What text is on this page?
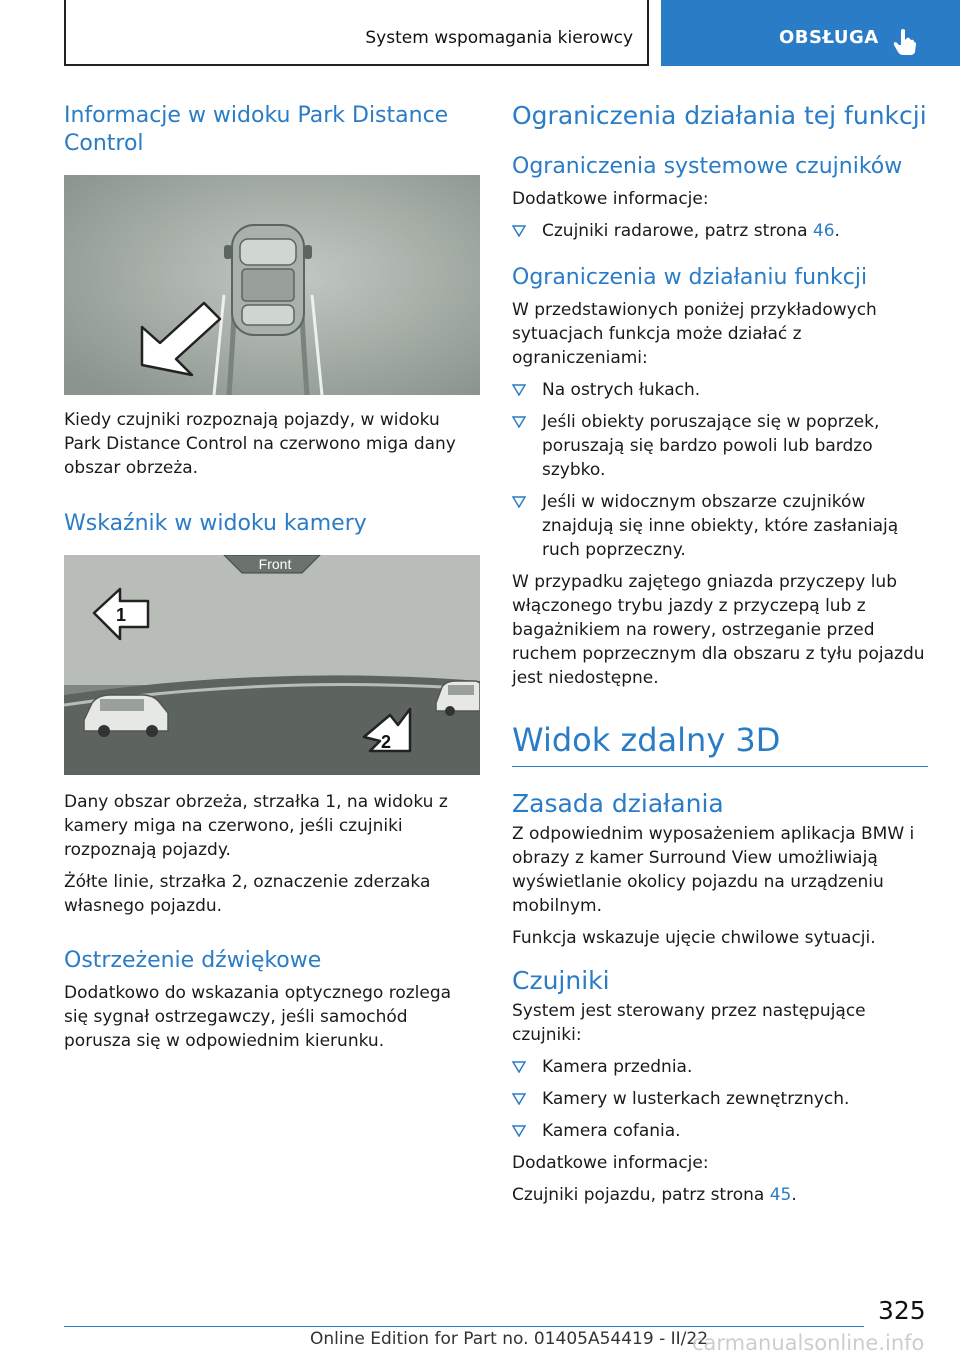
System wspomagania kierowcy	OBSŁUGA
Informacje w widoku Park Distance Control

Kiedy czujniki rozpoznają pojazdy, w widoku Park Distance Control na czerwono miga dany obszar obrzeża.

Wskaźnik w widoku kamery
Front
1
2

Dany obszar obrzeża, strzałka 1, na widoku z kamery miga na czerwono, jeśli czujniki rozpoznają pojazdy.

Żółte linie, strzałka 2, oznaczenie zderzaka własnego pojazdu.

Ostrzeżenie dźwiękowe

Dodatkowo do wskazania optycznego rozlega się sygnał ostrzegawczy, jeśli samochód porusza się w odpowiednim kierunku.

Ograniczenia działania tej funkcji
Ograniczenia systemowe czujników

Dodatkowe informacje:

Czujniki radarowe, patrz strona 46.
Ograniczenia w działaniu funkcji

W przedstawionych poniżej przykładowych sytuacjach funkcja może działać z ograniczeniami:

Na ostrych łukach.
Jeśli obiekty poruszające się w poprzek, poruszają się bardzo powoli lub bardzo szybko.
Jeśli w widocznym obszarze czujników znajdują się inne obiekty, które zasłaniają ruch poprzeczny.

W przypadku zajętego gniazda przyczepy lub włączonego trybu jazdy z przyczepą lub z bagażnikiem na rowery, ostrzeganie przed ruchem poprzecznym dla obszaru z tyłu pojazdu jest niedostępne.

Widok zdalny 3D
Zasada działania

Z odpowiednim wyposażeniem aplikacja BMW i obrazy z kamer Surround View umożliwiają wyświetlanie okolicy pojazdu na urządzeniu mobilnym.

Funkcja wskazuje ujęcie chwilowe sytuacji.

Czujniki

System jest sterowany przez następujące czujniki:

Kamera przednia.
Kamery w lusterkach zewnętrznych.
Kamera cofania.

Dodatkowe informacje:

Czujniki pojazdu, patrz strona 45.

325
Online Edition for Part no. 01405A54419 - II/22
carmanualsonline.info
